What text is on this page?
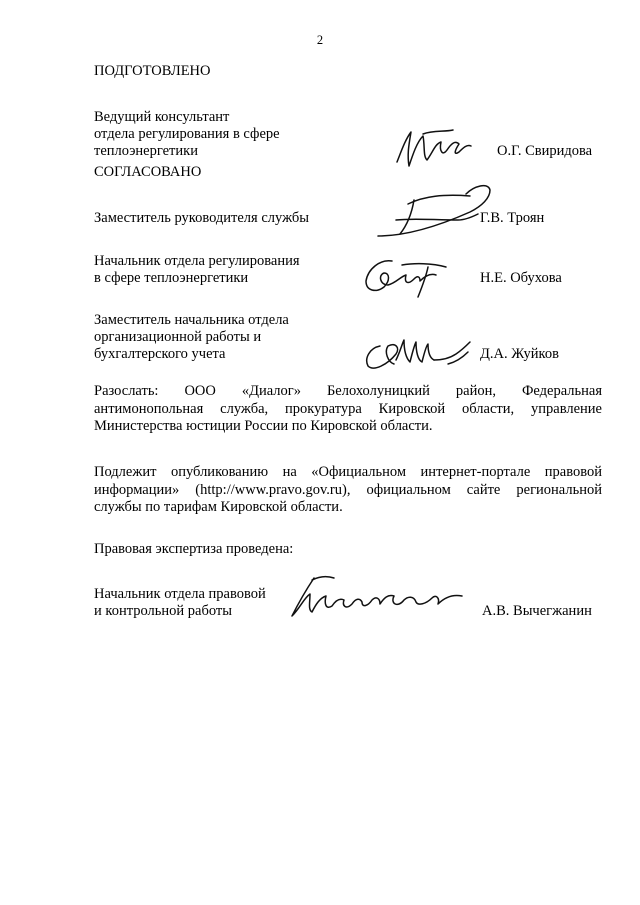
2
ПОДГОТОВЛЕНО
Ведущий консультант
отдела регулирования в сфере
теплоэнергетики	О.Г. Свиридова
СОГЛАСОВАНО
Заместитель руководителя службы	Г.В. Троян
Начальник отдела регулирования
в сфере теплоэнергетики	Н.Е. Обухова
Заместитель начальника отдела
организационной работы и
бухгалтерского учета	Д.А. Жуйков
Разослать: ООО «Диалог» Белохолуницкий район, Федеральная
антимонопольная служба, прокуратура Кировской области, управление
Министерства юстиции России по Кировской области.
Подлежит опубликованию на «Официальном интернет-портале правовой
информации» (http://www.pravo.gov.ru), официальном сайте региональной
службы по тарифам Кировской области.
Правовая экспертиза проведена:
Начальник отдела правовой
и контрольной работы	А.В. Вычегжанин
